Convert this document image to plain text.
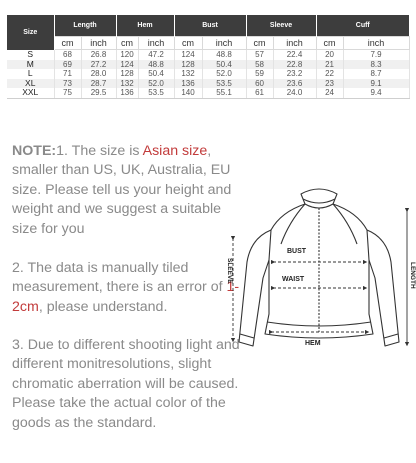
Size	Length		Hem		Bust		Sleeve		Cuff	
	cm	inch	cm	inch	cm	inch	cm	inch	cm	inch
S	68	26.8	120	47.2	124	48.8	57	22.4	20	7.9
M	69	27.2	124	48.8	128	50.4	58	22.8	21	8.3
L	71	28.0	128	50.4	132	52.0	59	23.2	22	8.7
XL	73	28.7	132	52.0	136	53.5	60	23.6	23	9.1
XXL	75	29.5	136	53.5	140	55.1	61	24.0	24	9.4

NOTE:1. The size is Asian size, smaller than US, UK, Australia, EU size. Please tell us your height and weight and we suggest a suitable size for you

2. The data is manually tiled measurement, there is an error of 1-2cm, please understand.

3. Due to different shooting light and different monitresolutions, slight chromatic aberration will be caused. Please take the actual color of the goods as the standard.

BUST
WAIST
HEM
SLEEVE	LENGTH
